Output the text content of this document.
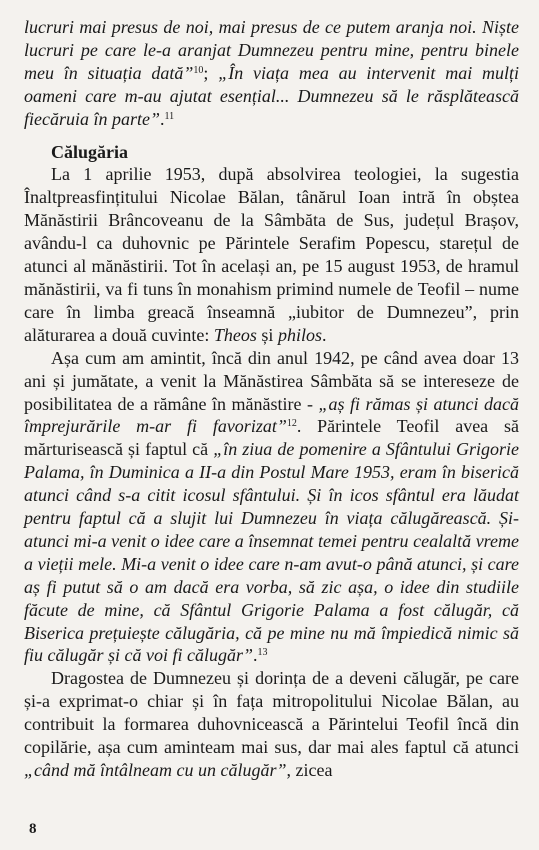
lucruri mai presus de noi, mai presus de ce putem aranja noi. Niște lucruri pe care le-a aranjat Dumnezeu pentru mine, pentru binele meu în situația dată”$^{10}$; „În viața mea au intervenit mai mulți oameni care m-au ajutat esențial... Dumnezeu să le răsplătească fiecăruia în parte”.$^{11}$

Călugăria

La 1 aprilie 1953, după absolvirea teologiei, la sugestia Înaltpreasfințitului Nicolae Bălan, tânărul Ioan intră în obștea Mănăstirii Brâncoveanu de la Sâmbăta de Sus, județul Brașov, avându-l ca duhovnic pe Părintele Serafim Popescu, starețul de atunci al mănăstirii. Tot în același an, pe 15 august 1953, de hramul mănăstirii, va fi tuns în monahism primind numele de Teofil – nume care în limba greacă înseamnă „iubitor de Dumnezeu”, prin alăturarea a două cuvinte: Theos și philos.

Așa cum am amintit, încă din anul 1942, pe când avea doar 13 ani și jumătate, a venit la Mănăstirea Sâmbăta să se intereseze de posibilitatea de a rămâne în mănăstire - „aș fi rămas și atunci dacă împrejurările m-ar fi favorizat”$^{12}$. Părintele Teofil avea să mărturisească și faptul că „în ziua de pomenire a Sfântului Grigorie Palama, în Duminica a II-a din Postul Mare 1953, eram în biserică atunci când s-a citit icosul sfântului. Și în icos sfântul era lăudat pentru faptul că a slujit lui Dumnezeu în viața călugărească. Și-atunci mi-a venit o idee care a însemnat temei pentru cealaltă vreme a vieții mele. Mi-a venit o idee care n-am avut-o până atunci, și care aș fi putut să o am dacă era vorba, să zic așa, o idee din studiile făcute de mine, că Sfântul Grigorie Palama a fost călugăr, că Biserica prețuiește călugăria, că pe mine nu mă împiedică nimic să fiu călugăr și că voi fi călugăr”.$^{13}$

Dragostea de Dumnezeu și dorința de a deveni călugăr, pe care și-a exprimat-o chiar și în fața mitropolitului Nicolae Bălan, au contribuit la formarea duhovnicească a Părintelui Teofil încă din copilărie, așa cum aminteam mai sus, dar mai ales faptul că atunci „când mă întâlneam cu un călugăr”, zicea

8
